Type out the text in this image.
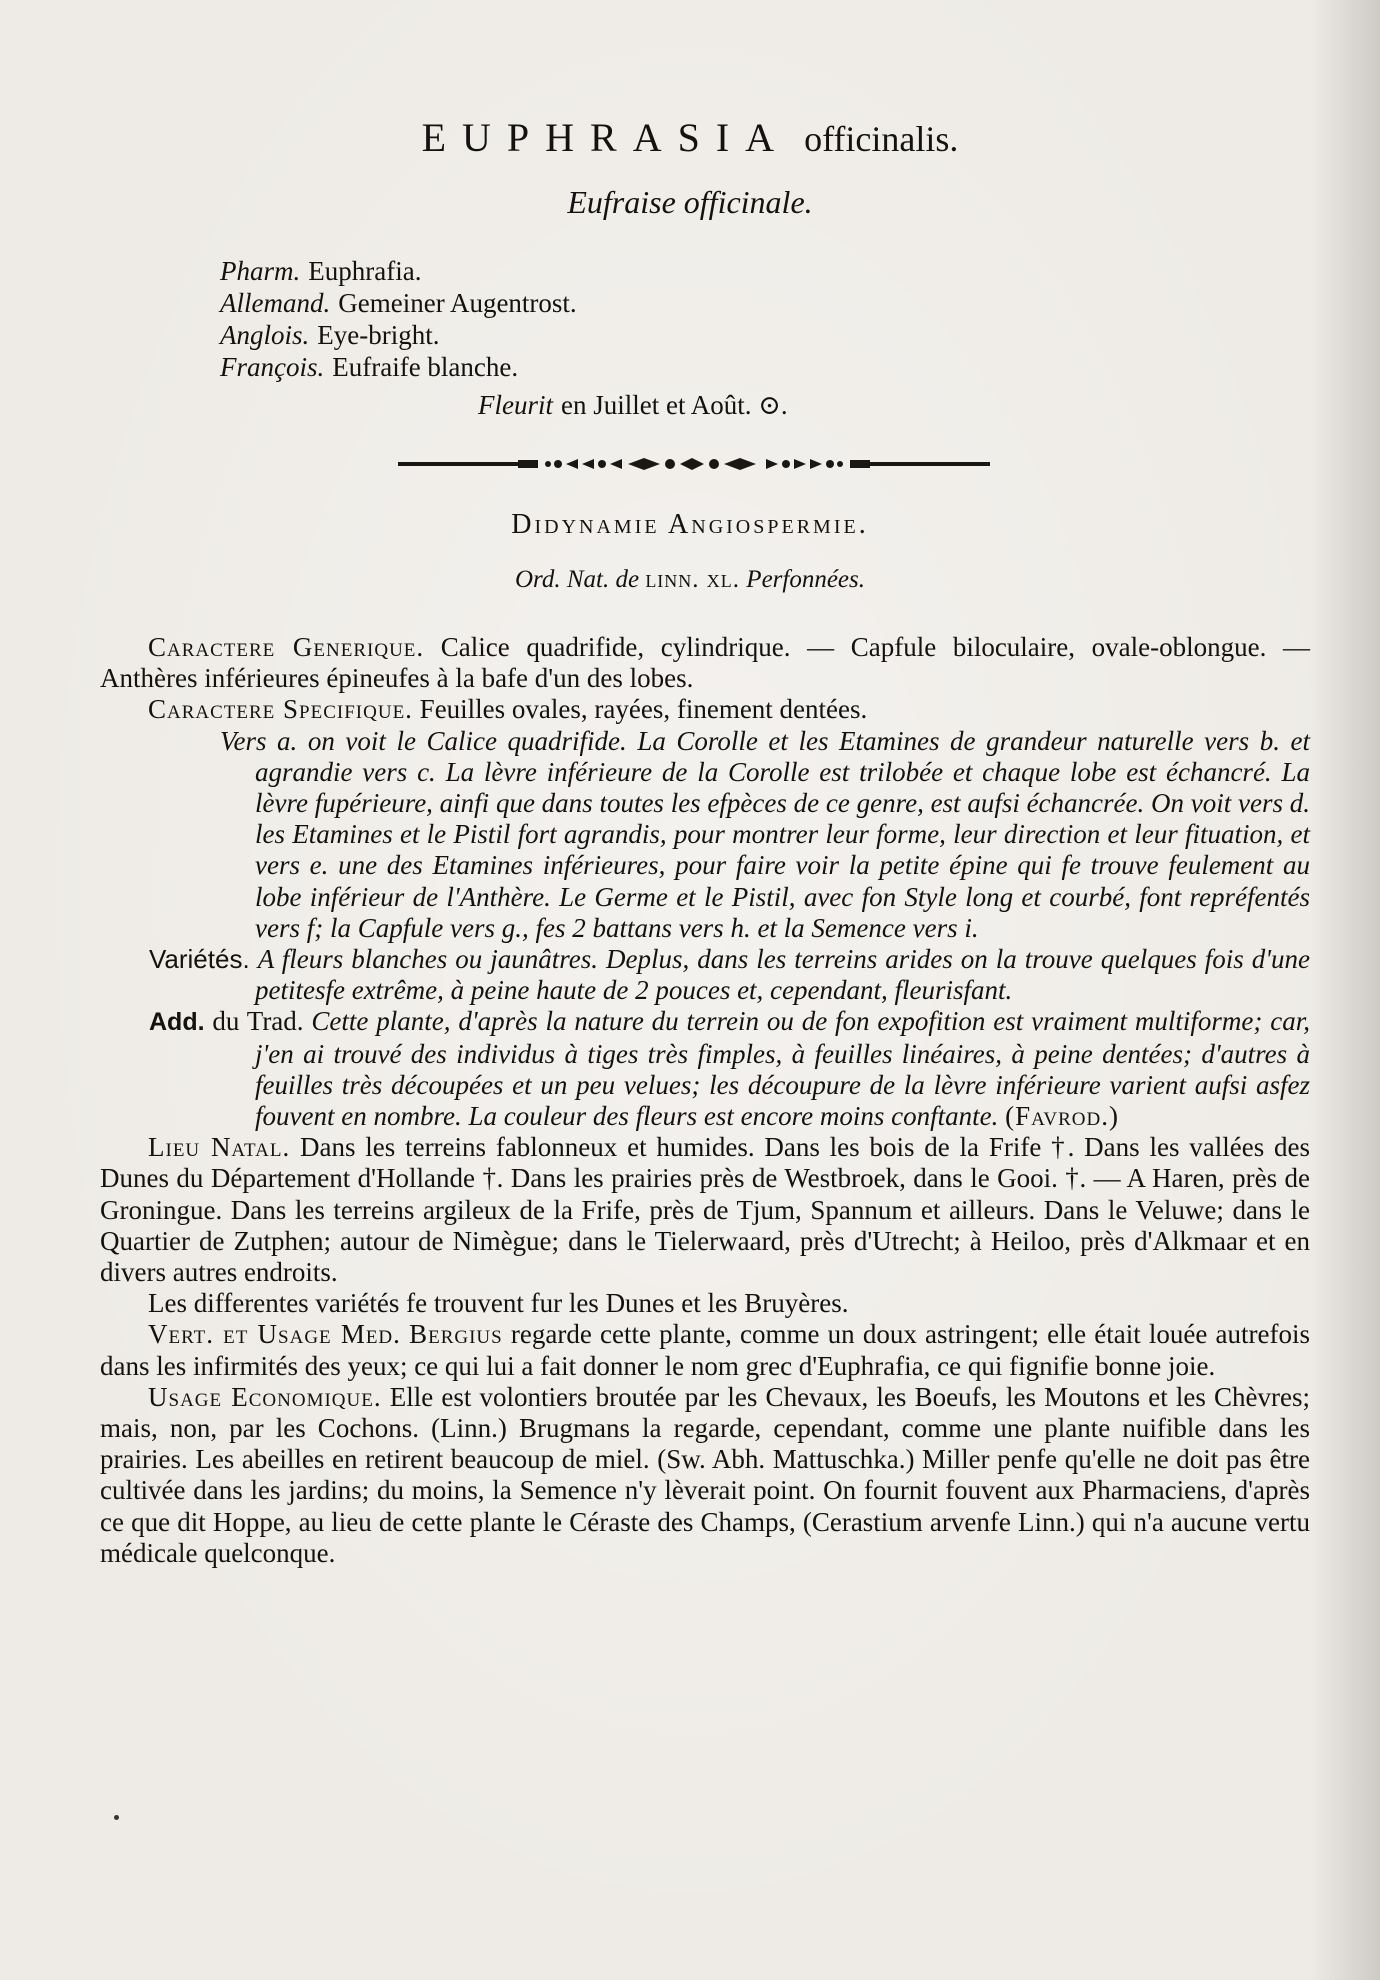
EUPHRASIA officinalis.
Eufraise officinale.
Pharm. Euphrafia.
Allemand. Gemeiner Augentrost.
Anglois. Eye-bright.
François. Eufraife blanche.
Fleurit en Juillet et Août. ⊙.
Didynamie Angiospermie.
Ord. Nat. de linn. xl. Perfonnées.

Caractere Generique. Calice quadrifide, cylindrique. — Capfule biloculaire, ovale-oblongue. — Anthères inférieures épineufes à la bafe d'un des lobes.

Caractere Specifique. Feuilles ovales, rayées, finement dentées.

Vers a. on voit le Calice quadrifide. La Corolle et les Etamines de grandeur naturelle vers b. et agrandie vers c. La lèvre inférieure de la Corolle est trilobée et chaque lobe est échancré. La lèvre fupérieure, ainfi que dans toutes les efpèces de ce genre, est aufsi échancrée. On voit vers d. les Etamines et le Pistil fort agrandis, pour montrer leur forme, leur direction et leur fituation, et vers e. une des Etamines inférieures, pour faire voir la petite épine qui fe trouve feulement au lobe inférieur de l'Anthère. Le Germe et le Pistil, avec fon Style long et courbé, font repréfentés vers f; la Capfule vers g., fes 2 battans vers h. et la Semence vers i.

Variétés. A fleurs blanches ou jaunâtres. Deplus, dans les terreins arides on la trouve quelques fois d'une petitesfe extrême, à peine haute de 2 pouces et, cependant, fleurisfant.

Add. du Trad. Cette plante, d'après la nature du terrein ou de fon expofition est vraiment multiforme; car, j'en ai trouvé des individus à tiges très fimples, à feuilles linéaires, à peine dentées; d'autres à feuilles très découpées et un peu velues; les découpure de la lèvre inférieure varient aufsi asfez fouvent en nombre. La couleur des fleurs est encore moins conftante. (Favrod.)

Lieu Natal. Dans les terreins fablonneux et humides. Dans les bois de la Frife †. Dans les vallées des Dunes du Département d'Hollande †. Dans les prairies près de Westbroek, dans le Gooi. †. — A Haren, près de Groningue. Dans les terreins argileux de la Frife, près de Tjum, Spannum et ailleurs. Dans le Veluwe; dans le Quartier de Zutphen; autour de Nimègue; dans le Tielerwaard, près d'Utrecht; à Heiloo, près d'Alkmaar et en divers autres endroits.

Les differentes variétés fe trouvent fur les Dunes et les Bruyères.

Vert. et Usage Med. Bergius regarde cette plante, comme un doux astringent; elle était louée autrefois dans les infirmités des yeux; ce qui lui a fait donner le nom grec d'Euphrafia, ce qui fignifie bonne joie.

Usage Economique. Elle est volontiers broutée par les Chevaux, les Boeufs, les Moutons et les Chèvres; mais, non, par les Cochons. (Linn.) Brugmans la regarde, cependant, comme une plante nuifible dans les prairies. Les abeilles en retirent beaucoup de miel. (Sw. Abh. Mattuschka.) Miller penfe qu'elle ne doit pas être cultivée dans les jardins; du moins, la Semence n'y lèverait point. On fournit fouvent aux Pharmaciens, d'après ce que dit Hoppe, au lieu de cette plante le Céraste des Champs, (Cerastium arvenfe Linn.) qui n'a aucune vertu médicale quelconque.
